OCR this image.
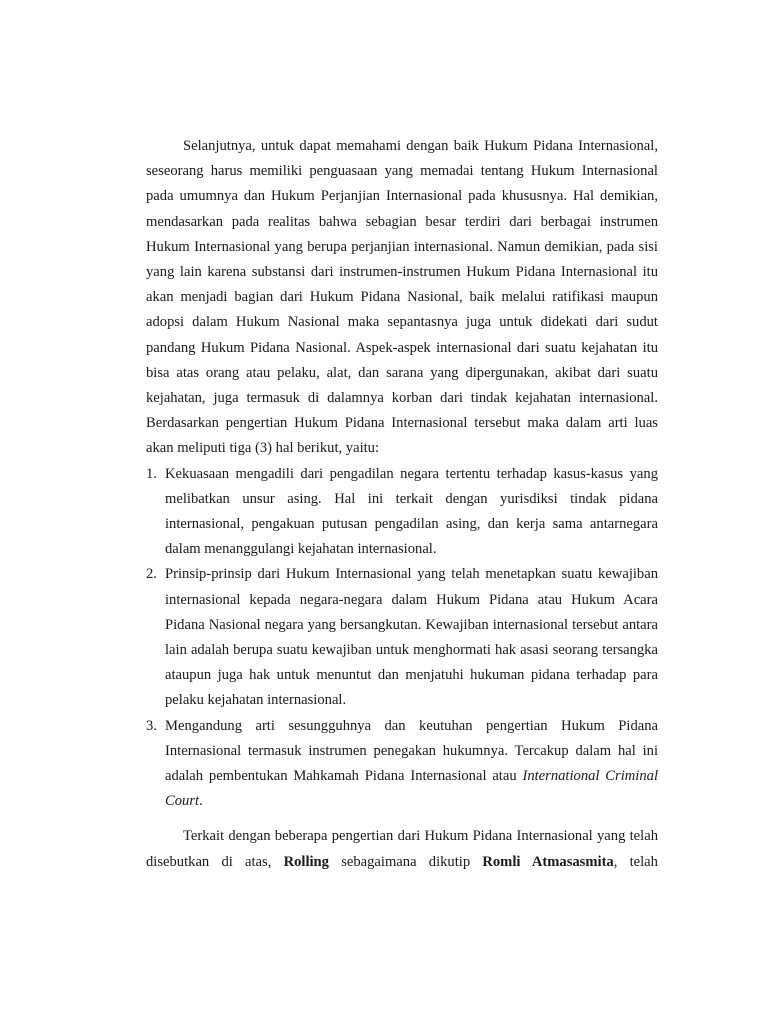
Selanjutnya, untuk dapat memahami dengan baik Hukum Pidana Internasional, seseorang harus memiliki penguasaan yang memadai tentang Hukum Internasional pada umumnya dan Hukum Perjanjian Internasional pada khususnya. Hal demikian, mendasarkan pada realitas bahwa sebagian besar terdiri dari berbagai instrumen Hukum Internasional yang berupa perjanjian internasional. Namun demikian, pada sisi yang lain karena substansi dari instrumen-instrumen Hukum Pidana Internasional itu akan menjadi bagian dari Hukum Pidana Nasional, baik melalui ratifikasi maupun adopsi dalam Hukum Nasional maka sepantasnya juga untuk didekati dari sudut pandang Hukum Pidana Nasional. Aspek-aspek internasional dari suatu kejahatan itu bisa atas orang atau pelaku, alat, dan sarana yang dipergunakan, akibat dari suatu kejahatan, juga termasuk di dalamnya korban dari tindak kejahatan internasional. Berdasarkan pengertian Hukum Pidana Internasional tersebut maka dalam arti luas akan meliputi tiga (3) hal berikut, yaitu:

1. Kekuasaan mengadili dari pengadilan negara tertentu terhadap kasus-kasus yang melibatkan unsur asing. Hal ini terkait dengan yurisdiksi tindak pidana internasional, pengakuan putusan pengadilan asing, dan kerja sama antarnegara dalam menanggulangi kejahatan internasional.
2. Prinsip-prinsip dari Hukum Internasional yang telah menetapkan suatu kewajiban internasional kepada negara-negara dalam Hukum Pidana atau Hukum Acara Pidana Nasional negara yang bersangkutan. Kewajiban internasional tersebut antara lain adalah berupa suatu kewajiban untuk menghormati hak asasi seorang tersangka ataupun juga hak untuk menuntut dan menjatuhi hukuman pidana terhadap para pelaku kejahatan internasional.
3. Mengandung arti sesungguhnya dan keutuhan pengertian Hukum Pidana Internasional termasuk instrumen penegakan hukumnya. Tercakup dalam hal ini adalah pembentukan Mahkamah Pidana Internasional atau International Criminal Court.

Terkait dengan beberapa pengertian dari Hukum Pidana Internasional yang telah disebutkan di atas, Rolling sebagaimana dikutip Romli Atmasasmita, telah
